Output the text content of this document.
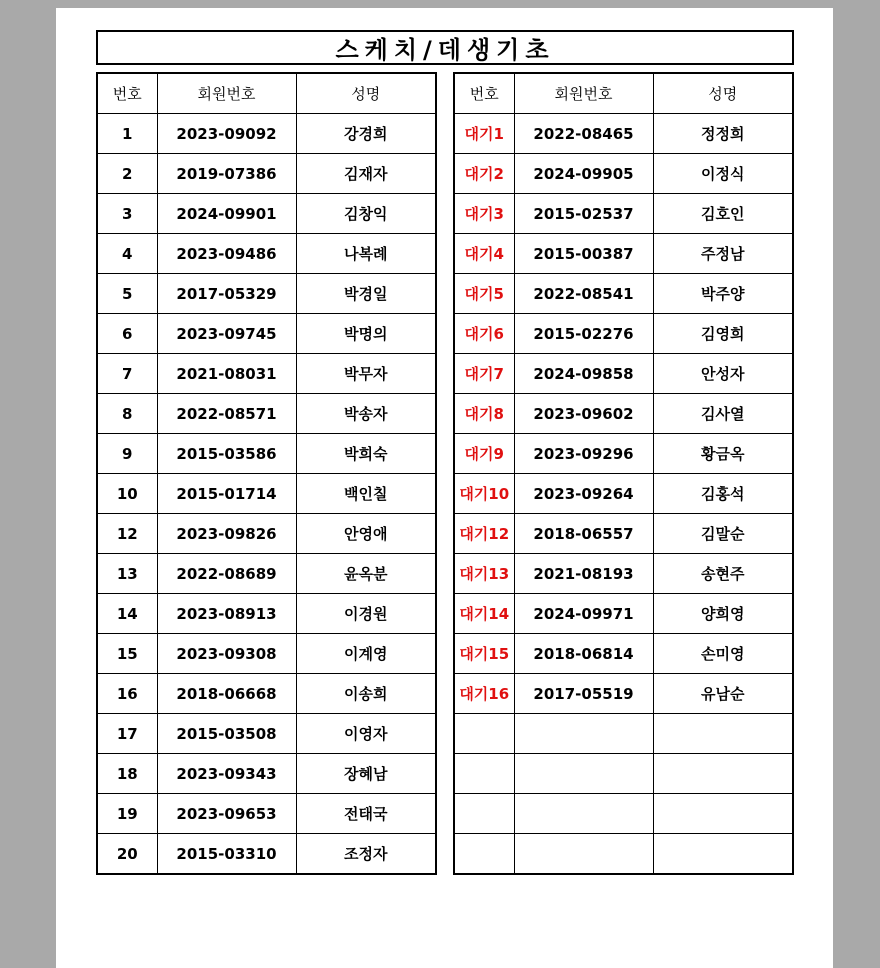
스케치/데생기초
번호	회원번호	성명
1	2023-09092	강경희
2	2019-07386	김재자
3	2024-09901	김창익
4	2023-09486	나복례
5	2017-05329	박경일
6	2023-09745	박명의
7	2021-08031	박무자
8	2022-08571	박송자
9	2015-03586	박희숙
10	2015-01714	백인칠
12	2023-09826	안영애
13	2022-08689	윤옥분
14	2023-08913	이경원
15	2023-09308	이계영
16	2018-06668	이송희
17	2015-03508	이영자
18	2023-09343	장혜남
19	2023-09653	전태국
20	2015-03310	조정자
번호	회원번호	성명
대기1	2022-08465	정정희
대기2	2024-09905	이정식
대기3	2015-02537	김호인
대기4	2015-00387	주정남
대기5	2022-08541	박주양
대기6	2015-02276	김영희
대기7	2024-09858	안성자
대기8	2023-09602	김사열
대기9	2023-09296	황금옥
대기10	2023-09264	김홍석
대기12	2018-06557	김말순
대기13	2021-08193	송현주
대기14	2024-09971	양희영
대기15	2018-06814	손미영
대기16	2017-05519	유남순
